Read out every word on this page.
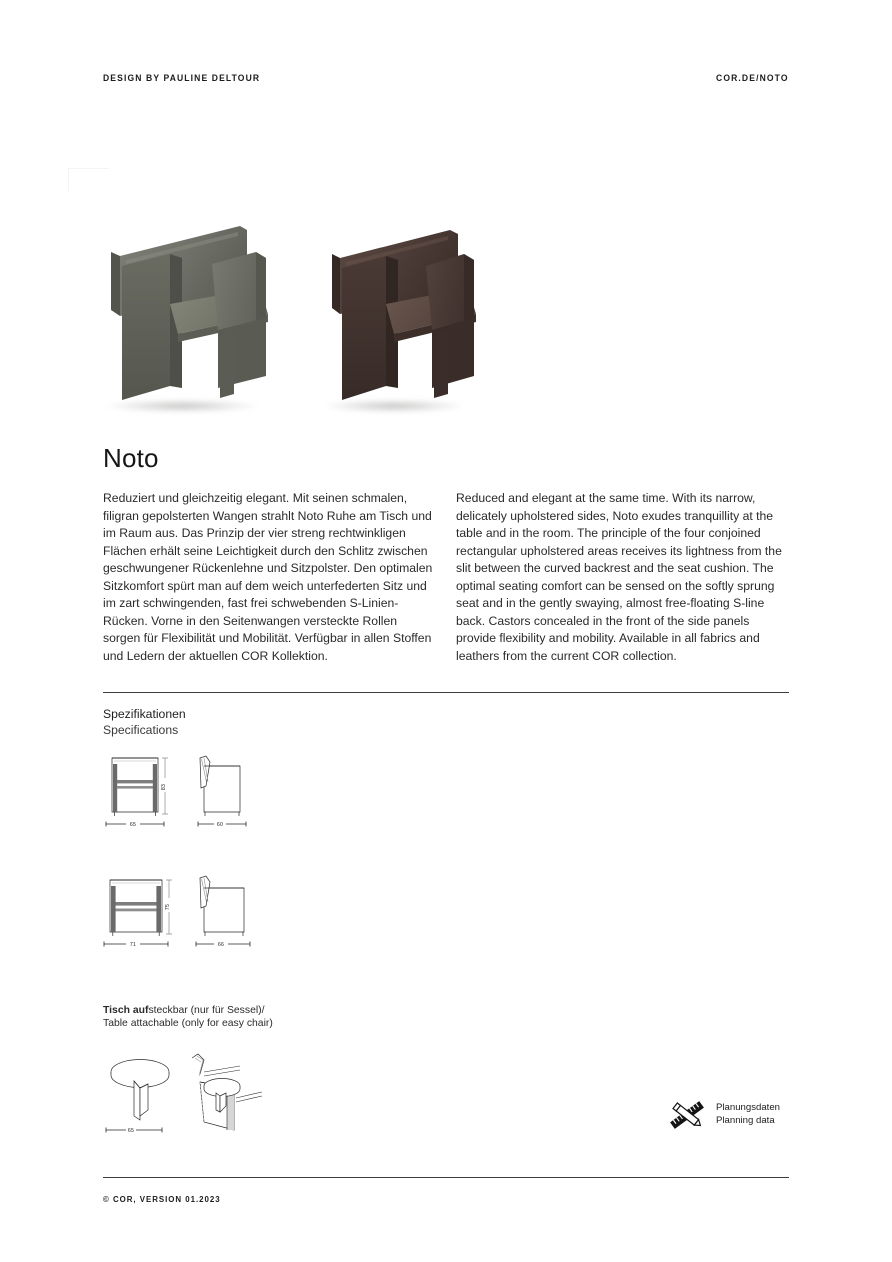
DESIGN BY PAULINE DELTOUR	COR.DE/NOTO
Noto
Reduziert und gleichzeitig elegant. Mit seinen schmalen, filigran gepolsterten Wangen strahlt Noto Ruhe am Tisch und im Raum aus. Das Prinzip der vier streng rechtwinkligen Flächen erhält seine Leichtigkeit durch den Schlitz zwischen geschwungener Rückenlehne und Sitzpolster. Den optimalen Sitzkomfort spürt man auf dem weich unterfederten Sitz und im zart schwingenden, fast frei schwebenden S-Linien-Rücken. Vorne in den Seitenwangen versteckte Rollen sorgen für Flexibilität und Mobilität. Verfügbar in allen Stoffen und Ledern der aktuellen COR Kollektion.
Reduced and elegant at the same time. With its narrow, delicately upholstered sides, Noto exudes tranquillity at the table and in the room. The principle of the four conjoined rectangular upholstered areas receives its lightness from the slit between the curved backrest and the seat cushion. The optimal seating comfort can be sensed on the softly sprung seat and in the gently swaying, almost free-floating S-line back. Castors concealed in the front of the side panels provide flexibility and mobility. Available in all fabrics and leathers from the current COR collection.
Spezifikationen
Specifications
83
65	60
75
71	66
Tisch aufsteckbar (nur für Sessel)/
Table attachable (only for easy chair)
65
Planungsdaten
Planning data
© COR, VERSION 01.2023
